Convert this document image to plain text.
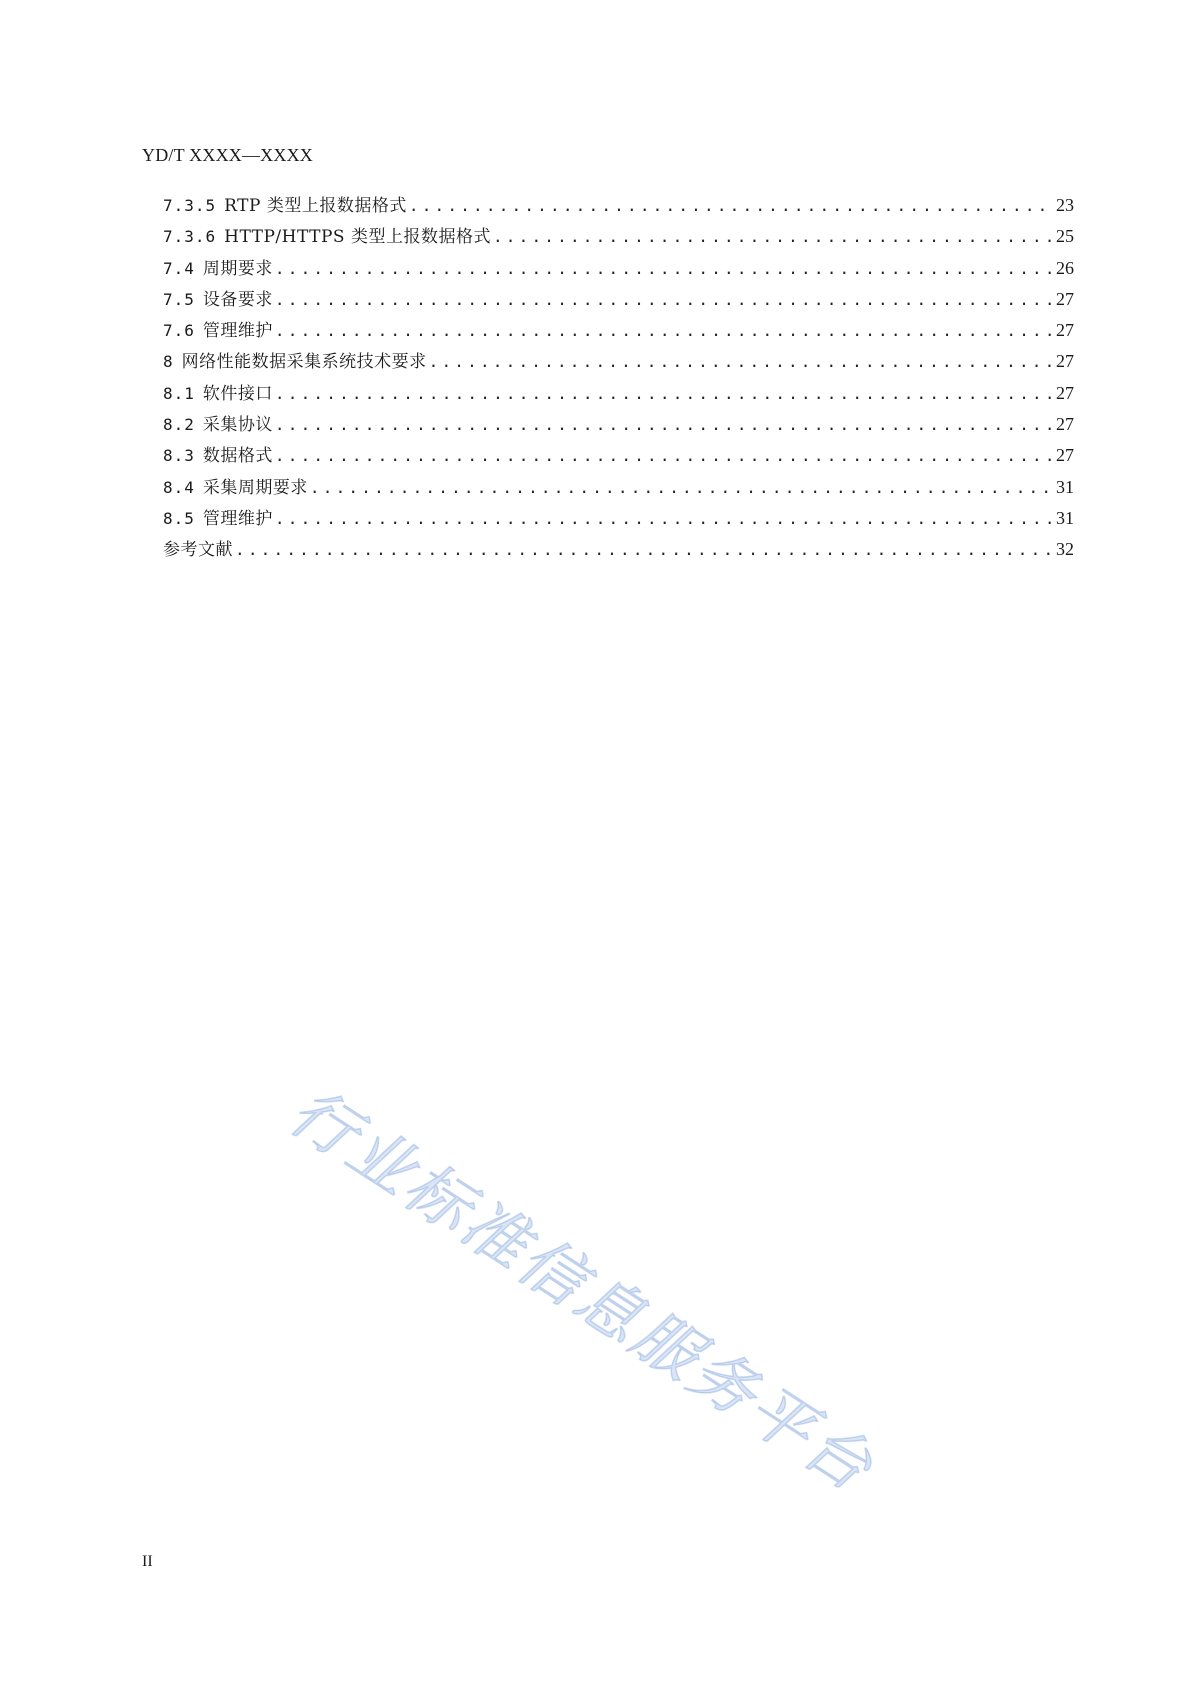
YD/T XXXX—XXXX
7.3.5 RTP 类型上报数据格式 .....	23
7.3.6 HTTP/HTTPS 类型上报数据格式 .....	25
7.4 周期要求 .....	26
7.5 设备要求 .....	27
7.6 管理维护 .....	27
8 网络性能数据采集系统技术要求 .....	27
8.1 软件接口 .....	27
8.2 采集协议 .....	27
8.3 数据格式 .....	27
8.4 采集周期要求 .....	31
8.5 管理维护 .....	31
参考文献 .....	32
行业标准信息服务平台
II
